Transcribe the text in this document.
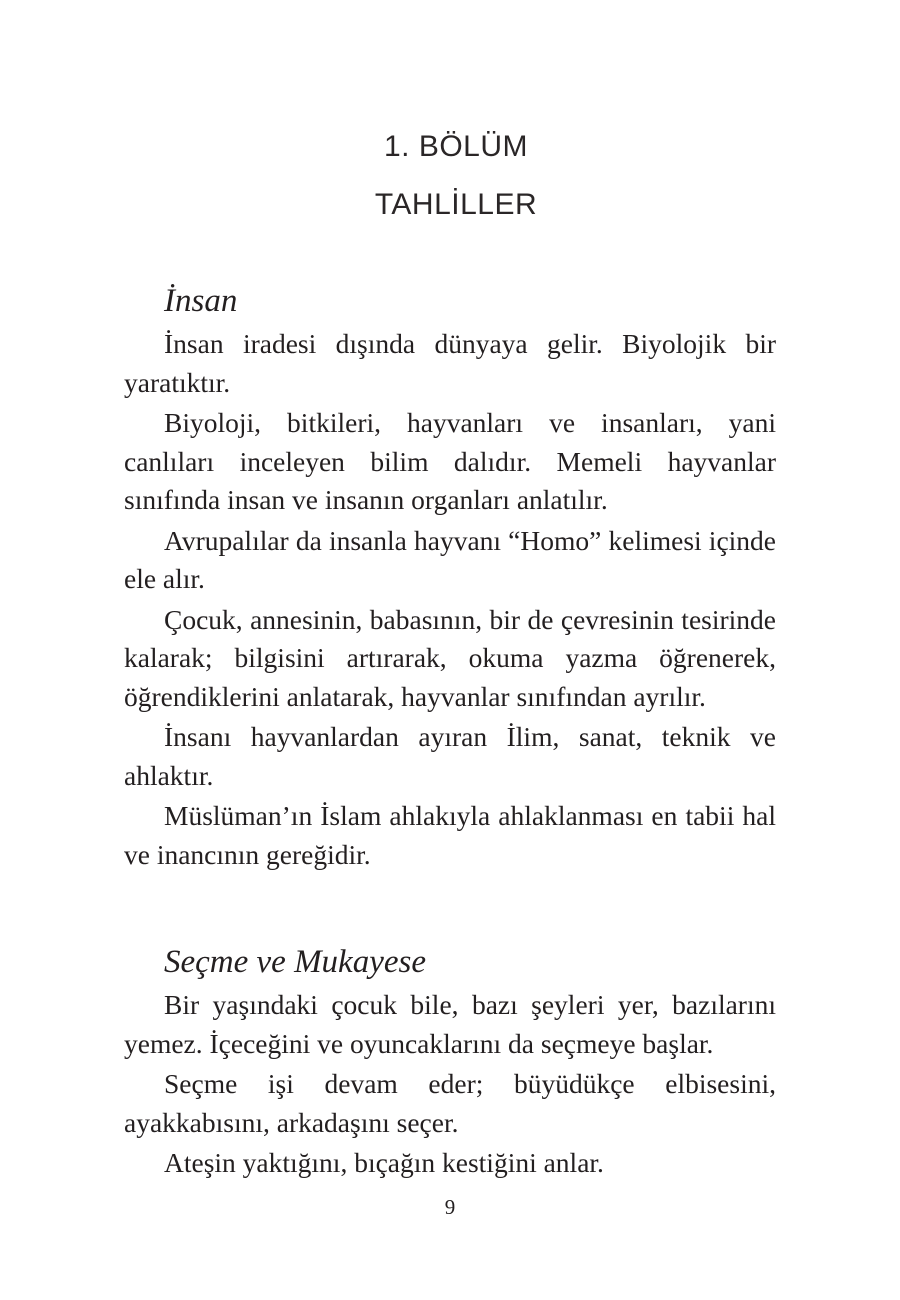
1. BÖLÜM
TAHLİLLER
İnsan

İnsan iradesi dışında dünyaya gelir. Biyolojik bir yaratıktır.

Biyoloji, bitkileri, hayvanları ve insanları, yani canlıları inceleyen bilim dalıdır. Memeli hayvanlar sınıfında insan ve insanın organları anlatılır.

Avrupalılar da insanla hayvanı “Homo” kelimesi içinde ele alır.

Çocuk, annesinin, babasının, bir de çevresinin tesirinde kalarak; bilgisini artırarak, okuma yazma öğrenerek, öğrendiklerini anlatarak, hayvanlar sınıfından ayrılır.

İnsanı hayvanlardan ayıran İlim, sanat, teknik ve ahlaktır.

Müslüman’ın İslam ahlakıyla ahlaklanması en tabii hal ve inancının gereğidir.

Seçme ve Mukayese

Bir yaşındaki çocuk bile, bazı şeyleri yer, bazılarını yemez. İçeceğini ve oyuncaklarını da seçmeye başlar.

Seçme işi devam eder; büyüdükçe elbisesini, ayakkabısını, arkadaşını seçer.

Ateşin yaktığını, bıçağın kestiğini anlar.

9
